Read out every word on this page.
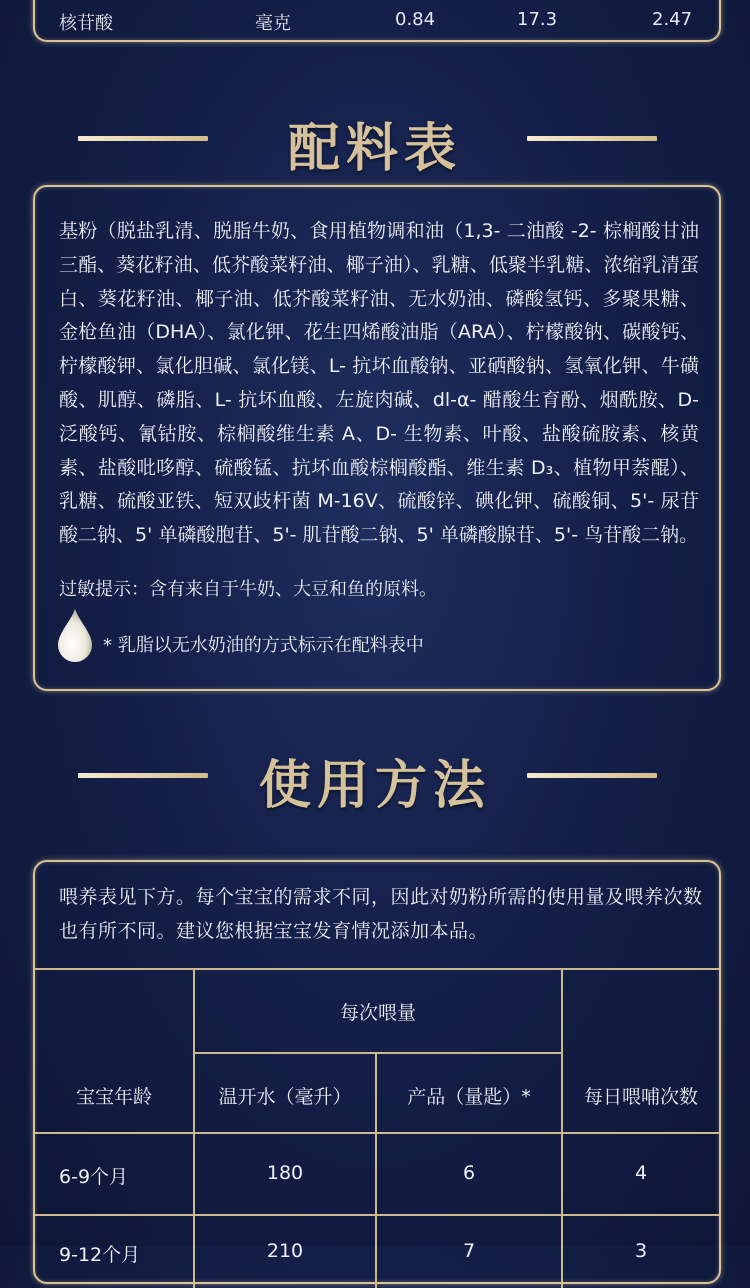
核苷酸	毫克	0.84	17.3	2.47
配料表
基粉（脱盐乳清、脱脂牛奶、食用植物调和油（1,3- 二油酸 -2- 棕榈酸甘油三酯、葵花籽油、低芥酸菜籽油、椰子油）、乳糖、低聚半乳糖、浓缩乳清蛋白、葵花籽油、椰子油、低芥酸菜籽油、无水奶油、磷酸氢钙、多聚果糖、金枪鱼油（DHA）、氯化钾、花生四烯酸油脂（ARA）、柠檬酸钠、碳酸钙、柠檬酸钾、氯化胆碱、氯化镁、L- 抗坏血酸钠、亚硒酸钠、氢氧化钾、牛磺酸、肌醇、磷脂、L- 抗坏血酸、左旋肉碱、dl-α- 醋酸生育酚、烟酰胺、D- 泛酸钙、氰钴胺、棕榈酸维生素 A、D- 生物素、叶酸、盐酸硫胺素、核黄素、盐酸吡哆醇、硫酸锰、抗坏血酸棕榈酸酯、维生素 D₃、植物甲萘醌）、乳糖、硫酸亚铁、短双歧杆菌 M-16V、硫酸锌、碘化钾、硫酸铜、5'- 尿苷酸二钠、5' 单磷酸胞苷、5'- 肌苷酸二钠、5' 单磷酸腺苷、5'- 鸟苷酸二钠。
过敏提示：含有来自于牛奶、大豆和鱼的原料。
* 乳脂以无水奶油的方式标示在配料表中
使用方法
喂养表见下方。每个宝宝的需求不同，因此对奶粉所需的使用量及喂养次数也有所不同。建议您根据宝宝发育情况添加本品。
每次喂量
宝宝年龄	温开水（毫升）	产品（量匙）*	每日喂哺次数
6-9个月	180	6	4
9-12个月	210	7	3
